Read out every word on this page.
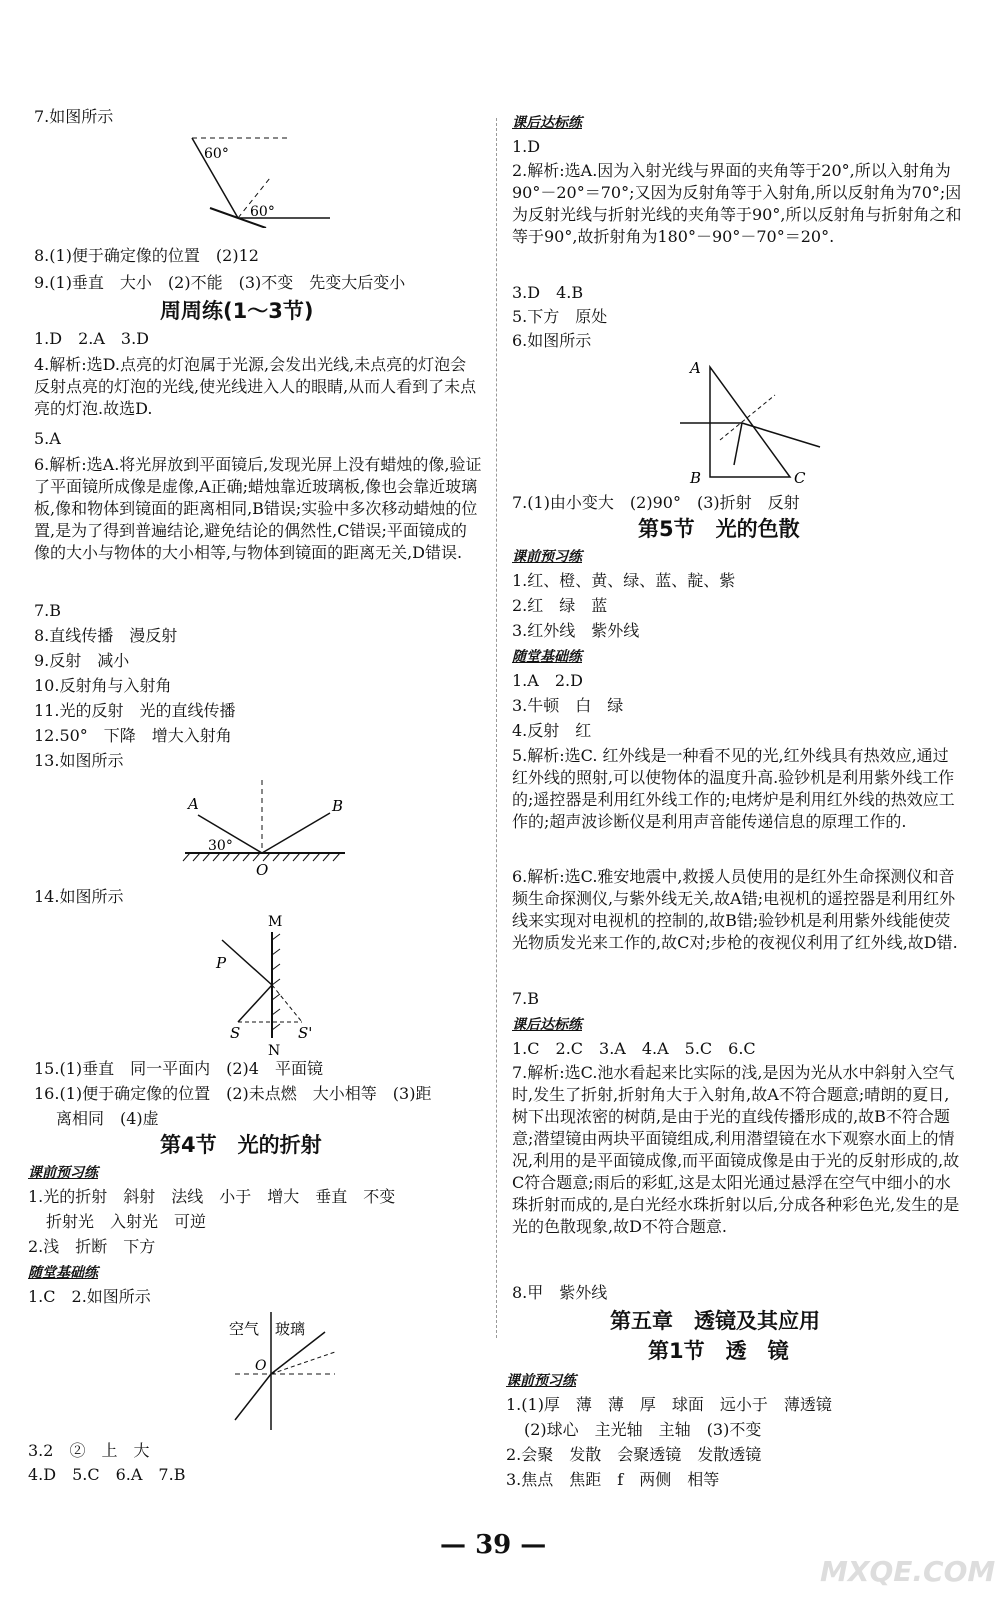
7.如图所示
60°
60°
8.(1)便于确定像的位置　(2)12
9.(1)垂直　大小　(2)不能　(3)不变　先变大后变小
周周练(1～3节)
1.D　2.A　3.D
4.解析:选D.点亮的灯泡属于光源,会发出光线,未点亮的灯泡会反射点亮的灯泡的光线,使光线进入人的眼睛,从而人看到了未点亮的灯泡.故选D.
5.A
6.解析:选A.将光屏放到平面镜后,发现光屏上没有蜡烛的像,验证了平面镜所成像是虚像,A正确;蜡烛靠近玻璃板,像也会靠近玻璃板,像和物体到镜面的距离相同,B错误;实验中多次移动蜡烛的位置,是为了得到普遍结论,避免结论的偶然性,C错误;平面镜成的像的大小与物体的大小相等,与物体到镜面的距离无关,D错误.
7.B
8.直线传播　漫反射
9.反射　减小
10.反射角与入射角
11.光的反射　光的直线传播
12.50°　下降　增大入射角
13.如图所示
A	B
O
30°
14.如图所示
M
N
P
S	S'
15.(1)垂直　同一平面内　(2)4　平面镜
16.(1)便于确定像的位置　(2)未点燃　大小相等　(3)距
离相同　(4)虚
第4节　光的折射
课前预习练
1.光的折射　斜射　法线　小于　增大　垂直　不变
折射光　入射光　可逆
2.浅　折断　下方
随堂基础练
1.C　2.如图所示
空气 玻璃
O
3.2　②　上　大
4.D　5.C　6.A　7.B
课后达标练
1.D
2.解析:选A.因为入射光线与界面的夹角等于20°,所以入射角为90°－20°＝70°;又因为反射角等于入射角,所以反射角为70°;因为反射光线与折射光线的夹角等于90°,所以反射角与折射角之和等于90°,故折射角为180°－90°－70°＝20°.
3.D　4.B
5.下方　原处
6.如图所示
A
B	C
7.(1)由小变大　(2)90°　(3)折射　反射
第5节　光的色散
课前预习练
1.红、橙、黄、绿、蓝、靛、紫
2.红　绿　蓝
3.红外线　紫外线
随堂基础练
1.A　2.D
3.牛顿　白　绿
4.反射　红
5.解析:选C. 红外线是一种看不见的光,红外线具有热效应,通过红外线的照射,可以使物体的温度升高.验钞机是利用紫外线工作的;遥控器是利用红外线工作的;电烤炉是利用红外线的热效应工作的;超声波诊断仪是利用声音能传递信息的原理工作的.
6.解析:选C.雅安地震中,救援人员使用的是红外生命探测仪和音频生命探测仪,与紫外线无关,故A错;电视机的遥控器是利用红外线来实现对电视机的控制的,故B错;验钞机是利用紫外线能使荧光物质发光来工作的,故C对;步枪的夜视仪利用了红外线,故D错.
7.B
课后达标练
1.C　2.C　3.A　4.A　5.C　6.C
7.解析:选C.池水看起来比实际的浅,是因为光从水中斜射入空气时,发生了折射,折射角大于入射角,故A不符合题意;晴朗的夏日,树下出现浓密的树荫,是由于光的直线传播形成的,故B不符合题意;潜望镜由两块平面镜组成,利用潜望镜在水下观察水面上的情况,利用的是平面镜成像,而平面镜成像是由于光的反射形成的,故C符合题意;雨后的彩虹,这是太阳光通过悬浮在空气中细小的水珠折射而成的,是白光经水珠折射以后,分成各种彩色光,发生的是光的色散现象,故D不符合题意.
8.甲　紫外线
第五章　透镜及其应用
第1节　透　镜
课前预习练
1.(1)厚　薄　薄　厚　球面　远小于　薄透镜
(2)球心　主光轴　主轴　(3)不变
2.会聚　发散　会聚透镜　发散透镜
3.焦点　焦距　f　两侧　相等
— 39 —
MXQE.COM
